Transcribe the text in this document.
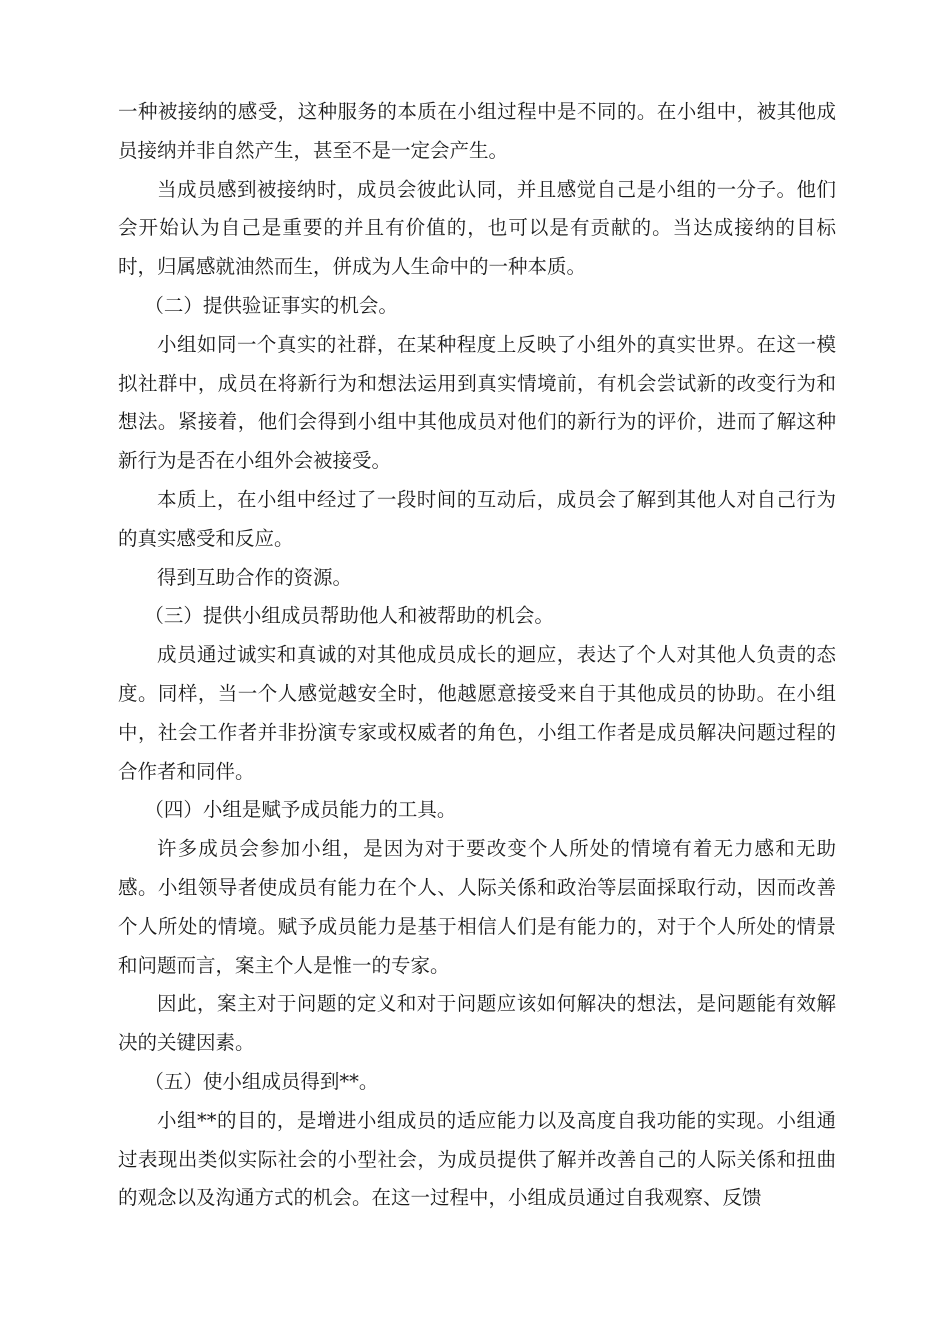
一种被接纳的感受，这种服务的本质在小组过程中是不同的。在小组中，被其他成员接纳并非自然产生，甚至不是一定会产生。

当成员感到被接纳时，成员会彼此认同，并且感觉自己是小组的一分子。他们会开始认为自己是重要的并且有价值的，也可以是有贡献的。当达成接纳的目标时，归属感就油然而生，併成为人生命中的一种本质。

（二）提供验证事实的机会。

小组如同一个真实的社群，在某种程度上反映了小组外的真实世界。在这一模拟社群中，成员在将新行为和想法运用到真实情境前，有机会尝试新的改变行为和想法。紧接着，他们会得到小组中其他成员对他们的新行为的评价，进而了解这种新行为是否在小组外会被接受。

本质上，在小组中经过了一段时间的互动后，成员会了解到其他人对自己行为的真实感受和反应。

得到互助合作的资源。

（三）提供小组成员帮助他人和被帮助的机会。

成员通过诚实和真诚的对其他成员成长的迴应，表达了个人对其他人负责的态度。同样，当一个人感觉越安全时，他越愿意接受来自于其他成员的协助。在小组中，社会工作者并非扮演专家或权威者的角色，小组工作者是成员解决问题过程的合作者和同伴。

（四）小组是赋予成员能力的工具。

许多成员会参加小组，是因为对于要改变个人所处的情境有着无力感和无助感。小组领导者使成员有能力在个人、人际关係和政治等层面採取行动，因而改善个人所处的情境。赋予成员能力是基于相信人们是有能力的，对于个人所处的情景和问题而言，案主个人是惟一的专家。

因此，案主对于问题的定义和对于问题应该如何解决的想法，是问题能有效解决的关键因素。

（五）使小组成员得到**。

小组**的目的，是增进小组成员的适应能力以及高度自我功能的实现。小组通过表现出类似实际社会的小型社会，为成员提供了解并改善自己的人际关係和扭曲的观念以及沟通方式的机会。在这一过程中，小组成员通过自我观察、反馈
